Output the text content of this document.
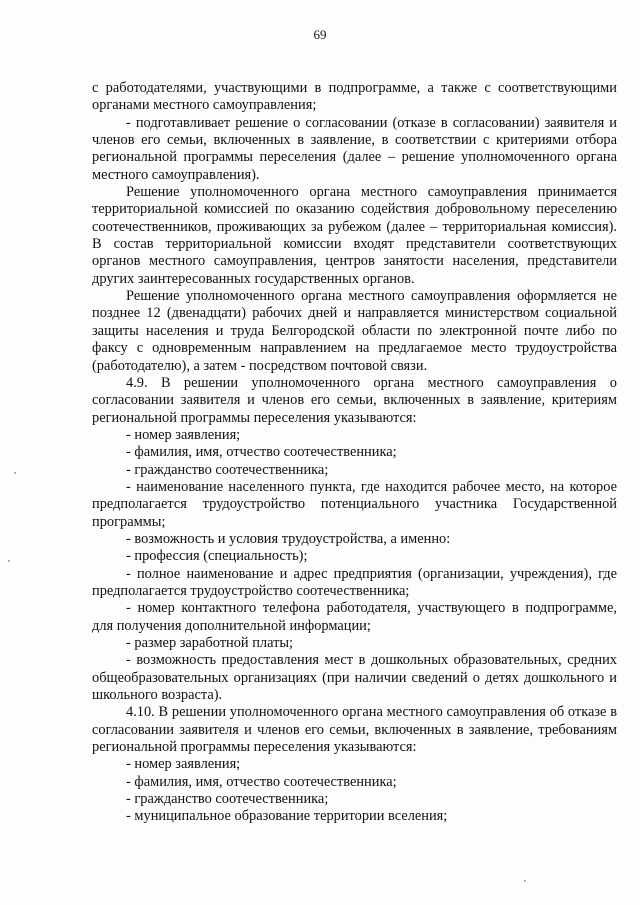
69

с работодателями, участвующими в подпрограмме, а также с соответствующими органами местного самоуправления;

- подготавливает решение о согласовании (отказе в согласовании) заявителя и членов его семьи, включенных в заявление, в соответствии с критериями отбора региональной программы переселения (далее – решение уполномоченного органа местного самоуправления).

Решение уполномоченного органа местного самоуправления принимается территориальной комиссией по оказанию содействия добровольному переселению соотечественников, проживающих за рубежом (далее – территориальная комиссия). В состав территориальной комиссии входят представители соответствующих органов местного самоуправления, центров занятости населения, представители других заинтересованных государственных органов.

Решение уполномоченного органа местного самоуправления оформляется не позднее 12 (двенадцати) рабочих дней и направляется министерством социальной защиты населения и труда Белгородской области по электронной почте либо по факсу с одновременным направлением на предлагаемое место трудоустройства (работодателю), а затем - посредством почтовой связи.

4.9. В решении уполномоченного органа местного самоуправления о согласовании заявителя и членов его семьи, включенных в заявление, критериям региональной программы переселения указываются:

- номер заявления;

- фамилия, имя, отчество соотечественника;

- гражданство соотечественника;

- наименование населенного пункта, где находится рабочее место, на которое предполагается трудоустройство потенциального участника Государственной программы;

- возможность и условия трудоустройства, а именно:

- профессия (специальность);

- полное наименование и адрес предприятия (организации, учреждения), где предполагается трудоустройство соотечественника;

- номер контактного телефона работодателя, участвующего в подпрограмме, для получения дополнительной информации;

- размер заработной платы;

- возможность предоставления мест в дошкольных образовательных, средних общеобразовательных организациях (при наличии сведений о детях дошкольного и школьного возраста).

4.10. В решении уполномоченного органа местного самоуправления об отказе в согласовании заявителя и членов его семьи, включенных в заявление, требованиям региональной программы переселения указываются:

- номер заявления;

- фамилия, имя, отчество соотечественника;

- гражданство соотечественника;

- муниципальное образование территории вселения;
